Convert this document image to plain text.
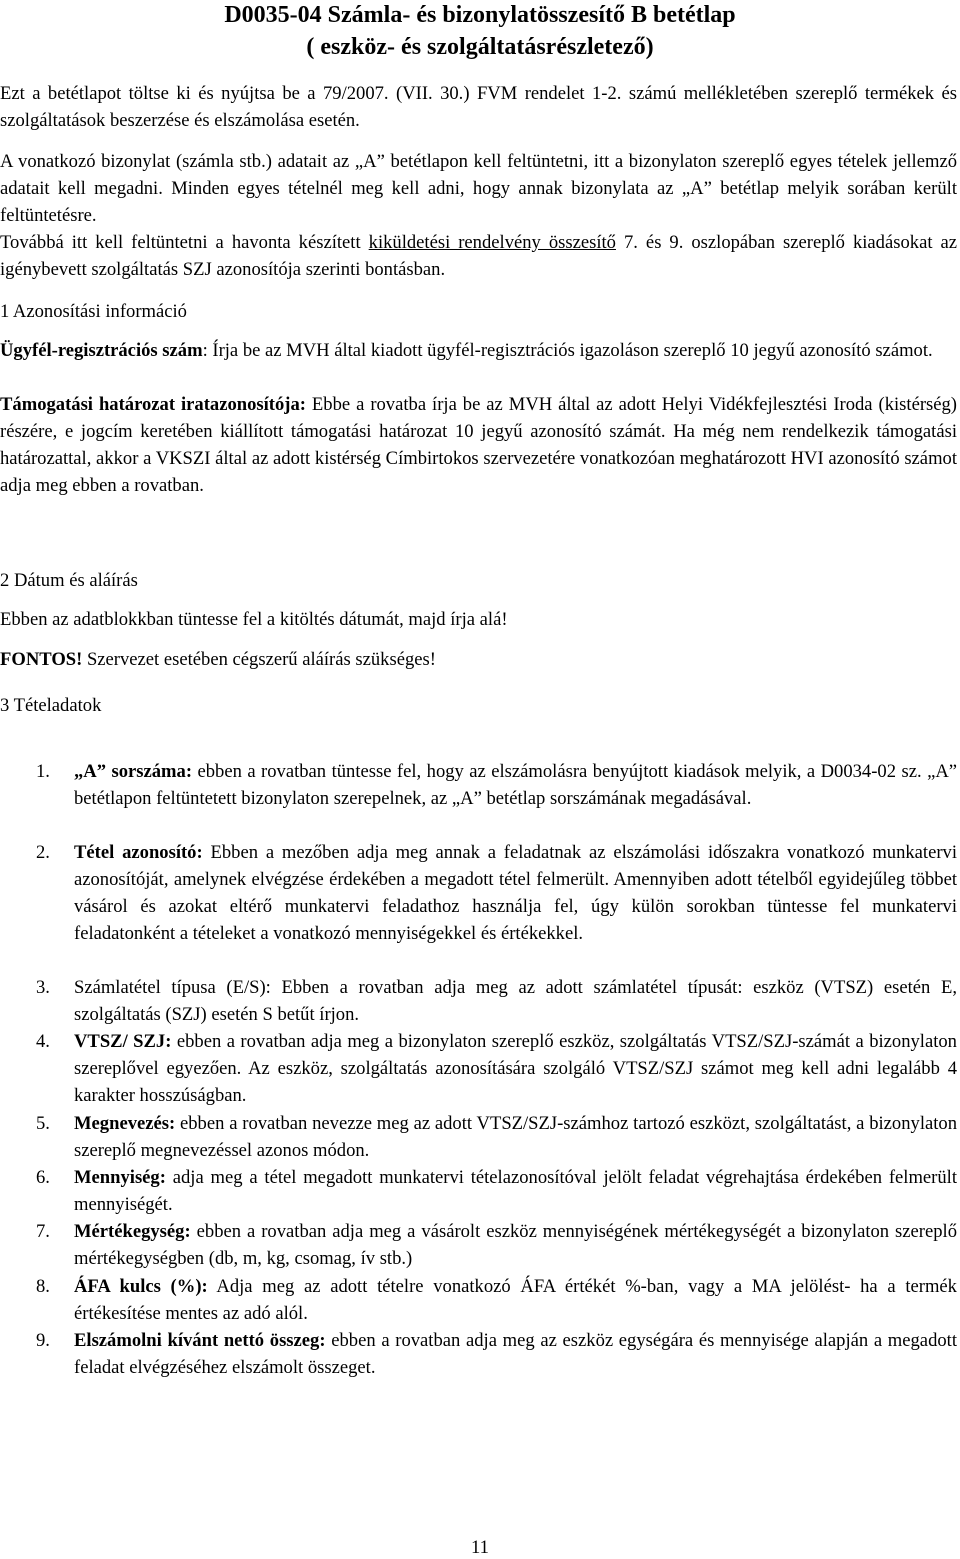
D0035-04 Számla- és bizonylatösszesítő B betétlap
( eszköz- és szolgáltatásrészletező)
Ezt a betétlapot töltse ki és nyújtsa be a 79/2007. (VII. 30.) FVM rendelet 1-2. számú mellékletében szereplő termékek és szolgáltatások beszerzése és elszámolása esetén.
A vonatkozó bizonylat (számla stb.) adatait az „A” betétlapon kell feltüntetni, itt a bizonylaton szereplő egyes tételek jellemző adatait kell megadni. Minden egyes tételnél meg kell adni, hogy annak bizonylata az „A” betétlap melyik sorában került feltüntetésre.
Továbbá itt kell feltüntetni a havonta készített kiküldetési rendelvény összesítő 7. és 9. oszlopában szereplő kiadásokat az igénybevett szolgáltatás SZJ azonosítója szerinti bontásban.
1 Azonosítási információ
Ügyfél-regisztrációs szám: Írja be az MVH által kiadott ügyfél-regisztrációs igazoláson szereplő 10 jegyű azonosító számot.
Támogatási határozat iratazonosítója: Ebbe a rovatba írja be az MVH által az adott Helyi Vidékfejlesztési Iroda (kistérség) részére, e jogcím keretében kiállított támogatási határozat 10 jegyű azonosító számát. Ha még nem rendelkezik támogatási határozattal, akkor a VKSZI által az adott kistérség Címbirtokos szervezetére vonatkozóan meghatározott HVI azonosító számot adja meg ebben a rovatban.
2 Dátum és aláírás
Ebben az adatblokkban tüntesse fel a kitöltés dátumát, majd írja alá!
FONTOS! Szervezet esetében cégszerű aláírás szükséges!
3 Tételadatok
1. „A” sorszáma: ebben a rovatban tüntesse fel, hogy az elszámolásra benyújtott kiadások melyik, a D0034-02 sz. „A” betétlapon feltüntetett bizonylaton szerepelnek, az „A” betétlap sorszámának megadásával.
2. Tétel azonosító: Ebben a mezőben adja meg annak a feladatnak az elszámolási időszakra vonatkozó munkatervi azonosítóját, amelynek elvégzése érdekében a megadott tétel felmerült. Amennyiben adott tételből egyidejűleg többet vásárol és azokat eltérő munkatervi feladathoz használja fel, úgy külön sorokban tüntesse fel munkatervi feladatonként a tételeket a vonatkozó mennyiségekkel és értékekkel.
3. Számlatétel típusa (E/S): Ebben a rovatban adja meg az adott számlatétel típusát: eszköz (VTSZ) esetén E, szolgáltatás (SZJ) esetén S betűt írjon.
4. VTSZ/ SZJ: ebben a rovatban adja meg a bizonylaton szereplő eszköz, szolgáltatás VTSZ/SZJ-számát a bizonylaton szereplővel egyezően. Az eszköz, szolgáltatás azonosítására szolgáló VTSZ/SZJ számot meg kell adni legalább 4 karakter hosszúságban.
5. Megnevezés: ebben a rovatban nevezze meg az adott VTSZ/SZJ-számhoz tartozó eszközt, szolgáltatást, a bizonylaton szereplő megnevezéssel azonos módon.
6. Mennyiség: adja meg a tétel megadott munkatervi tételazonosítóval jelölt feladat végrehajtása érdekében felmerült mennyiségét.
7. Mértékegység: ebben a rovatban adja meg a vásárolt eszköz mennyiségének mértékegységét a bizonylaton szereplő mértékegységben (db, m, kg, csomag, ív stb.)
8. ÁFA kulcs (%): Adja meg az adott tételre vonatkozó ÁFA értékét %-ban, vagy a MA jelölést- ha a termék értékesítése mentes az adó alól.
9. Elszámolni kívánt nettó összeg: ebben a rovatban adja meg az eszköz egységára és mennyisége alapján a megadott feladat elvégzéséhez elszámolt összeget.
11
